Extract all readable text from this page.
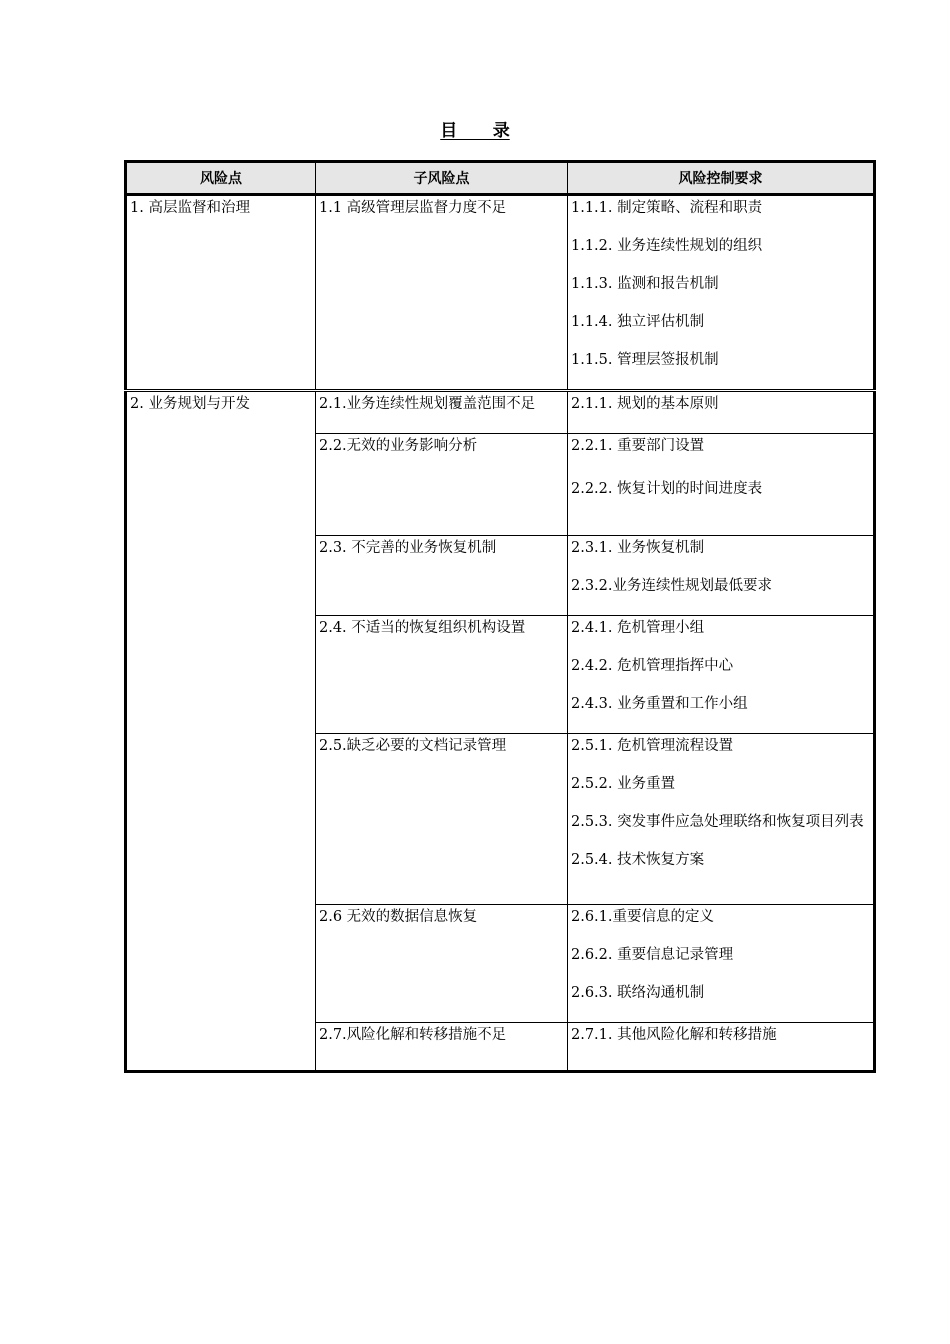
目      录
风险点	子风险点	风险控制要求
1. 高层监督和治理	1.1 高级管理层监督力度不足	1.1.1. 制定策略、流程和职责
1.1.2. 业务连续性规划的组织
1.1.3. 监测和报告机制
1.1.4. 独立评估机制
1.1.5. 管理层签报机制

2. 业务规划与开发	2.1.业务连续性规划覆盖范围不足	2.1.1. 规划的基本原则

	2.2.无效的业务影响分析	2.2.1. 重要部门设置
2.2.2. 恢复计划的时间进度表

	2.3. 不完善的业务恢复机制	2.3.1. 业务恢复机制
2.3.2.业务连续性规划最低要求

	2.4. 不适当的恢复组织机构设置	2.4.1. 危机管理小组
2.4.2. 危机管理指挥中心
2.4.3. 业务重置和工作小组

	2.5.缺乏必要的文档记录管理	2.5.1. 危机管理流程设置
2.5.2. 业务重置
2.5.3. 突发事件应急处理联络和恢复项目列表
2.5.4. 技术恢复方案

	2.6 无效的数据信息恢复	2.6.1.重要信息的定义
2.6.2. 重要信息记录管理
2.6.3. 联络沟通机制

	2.7.风险化解和转移措施不足	2.7.1. 其他风险化解和转移措施
